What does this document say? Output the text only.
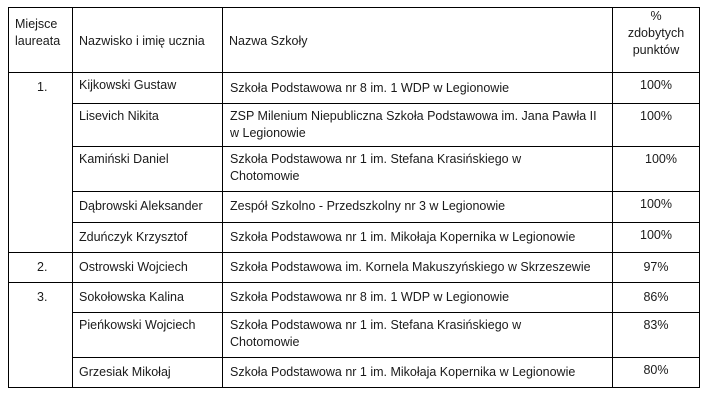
Miejsce laureata	Nazwisko i imię ucznia	Nazwa Szkoły	%
zdobytych
punktów

1.	Kijkowski Gustaw	Szkoła Podstawowa nr 8 im. 1 WDP w Legionowie	100%

	Lisevich Nikita	ZSP Milenium Niepubliczna Szkoła Podstawowa im. Jana Pawła II w Legionowie	100%

	Kamiński Daniel	Szkoła Podstawowa nr 1 im. Stefana Krasińskiego w Chotomowie	100%

	Dąbrowski Aleksander	Zespół Szkolno - Przedszkolny nr 3 w Legionowie	100%

	Zduńczyk Krzysztof	Szkoła Podstawowa nr 1 im. Mikołaja Kopernika w Legionowie	100%

2.	Ostrowski Wojciech	Szkoła Podstawowa im. Kornela Makuszyńskiego w Skrzeszewie	97%

3.	Sokołowska Kalina	Szkoła Podstawowa nr 8 im. 1 WDP w Legionowie	86%

	Pieńkowski Wojciech	Szkoła Podstawowa nr 1 im. Stefana Krasińskiego w Chotomowie	83%

	Grzesiak Mikołaj	Szkoła Podstawowa nr 1 im. Mikołaja Kopernika w Legionowie	80%
